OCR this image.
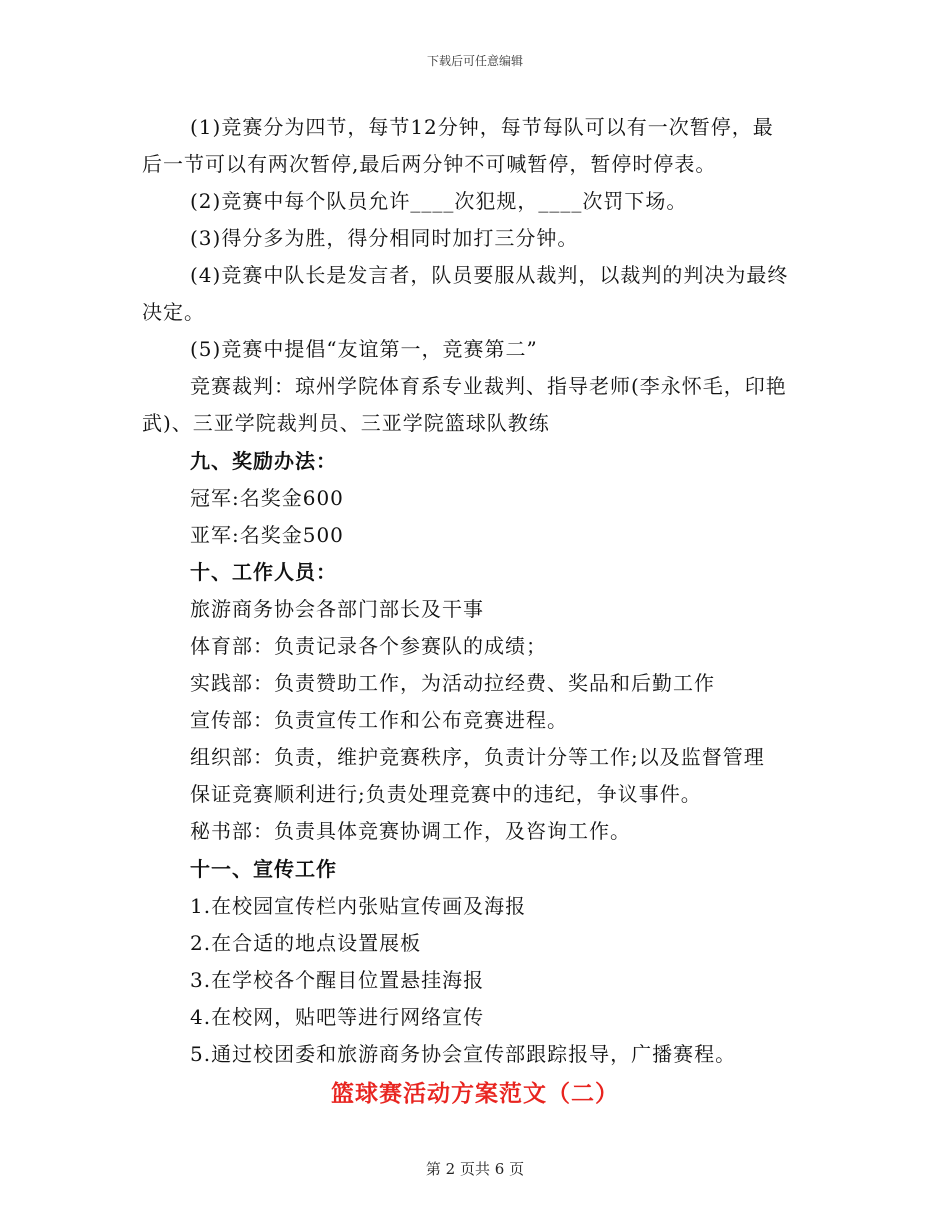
下载后可任意编辑
(1)竞赛分为四节，每节12分钟，每节每队可以有一次暂停，最
后一节可以有两次暂停,最后两分钟不可喊暂停，暂停时停表。
(2)竞赛中每个队员允许____次犯规，____次罚下场。
(3)得分多为胜，得分相同时加打三分钟。
(4)竞赛中队长是发言者，队员要服从裁判，以裁判的判决为最终
决定。
(5)竞赛中提倡“友谊第一，竞赛第二”
竞赛裁判：琼州学院体育系专业裁判、指导老师(李永怀毛，印艳
武)、三亚学院裁判员、三亚学院篮球队教练
九、奖励办法：
冠军:名奖金600
亚军:名奖金500
十、工作人员：
旅游商务协会各部门部长及干事
体育部：负责记录各个参赛队的成绩；
实践部：负责赞助工作，为活动拉经费、奖品和后勤工作
宣传部：负责宣传工作和公布竞赛进程。
组织部：负责，维护竞赛秩序，负责计分等工作;以及监督管理
保证竞赛顺利进行;负责处理竞赛中的违纪，争议事件。
秘书部：负责具体竞赛协调工作，及咨询工作。
十一、宣传工作
1.在校园宣传栏内张贴宣传画及海报
2.在合适的地点设置展板
3.在学校各个醒目位置悬挂海报
4.在校网，贴吧等进行网络宣传
5.通过校团委和旅游商务协会宣传部跟踪报导，广播赛程。
篮球赛活动方案范文（二）
第 2 页共 6 页
